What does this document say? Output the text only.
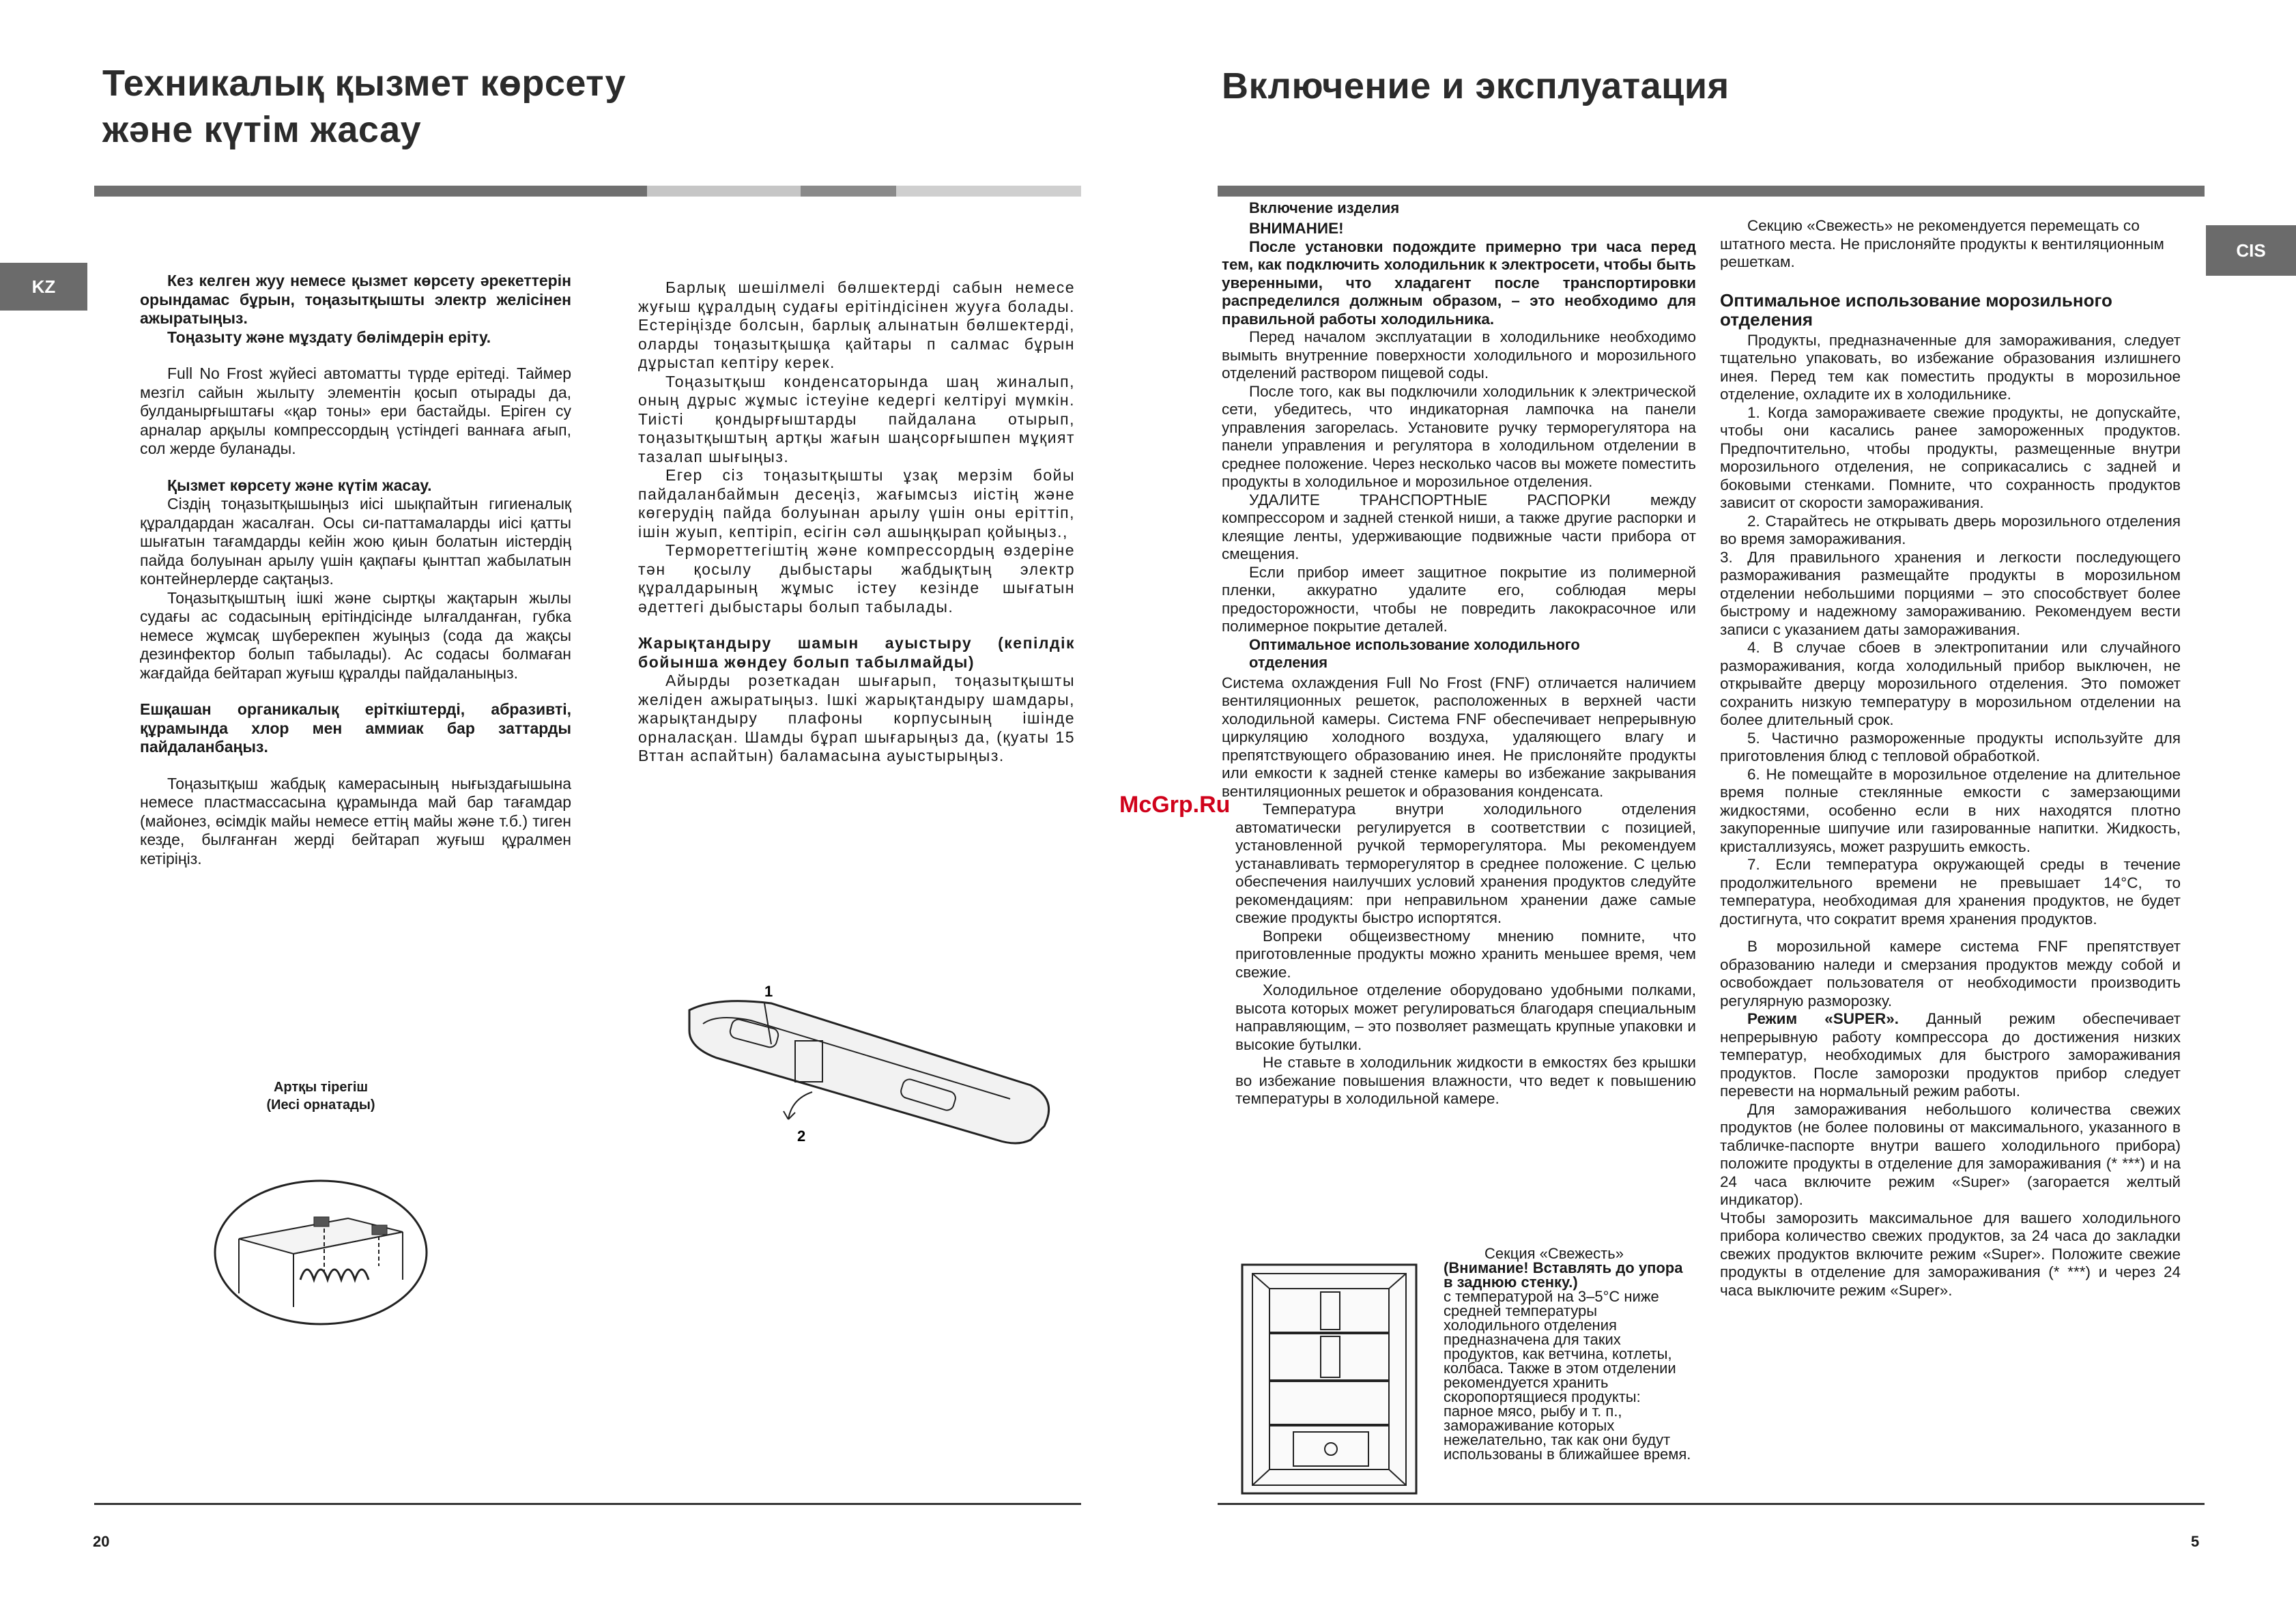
Техникалық қызмет көрсету
және күтім жасау
KZ	Кез келген жуу немесе қызмет көрсету әрекеттерін орындамас бұрын, тоңазытқышты электр желісінен ажыратыңыз.

Тоңазыту және мұздату бөлімдерін еріту.

Full No Frost жүйесі автоматты түрде ерітеді. Таймер мезгіл сайын жылыту элементін қосып отырады да, булданырғыштағы «қар тоны» ери бастайды. Еріген су арналар арқылы компрессордың үстіндегі ваннаға ағып, сол жерде буланады.

Қызмет көрсету және күтім жасау.

Сіздің тоңазытқышыңыз иісі шықпайтын гигиеналық құралдардан жасалған. Осы си-паттамаларды иісі қатты шығатын тағамдарды кейін жою қиын болатын иістердің пайда болуынан арылу үшін қақпағы қынттап жабылатын контейнерлерде сақтаңыз.

Тоңазытқыштың ішкі және сыртқы жақтарын жылы судағы ас содасының ерітіндісінде ылғалданған, губка немесе жұмсақ шүберекпен жуыңыз (сода да жақсы дезинфектор болып табылады). Ас содасы болмаған жағдайда бейтарап жуғыш құралды пайдаланыңыз.

Ешқашан органикалық еріткіштерді, абразивті, құрамында хлор мен аммиак бар заттарды пайдаланбаңыз.

Тоңазытқыш жабдық камерасының нығыздағышына немесе пластмассасына құрамында май бар тағамдар (майонез, өсімдік майы немесе еттің майы және т.б.) тиген кезде, былғанған жерді бейтарап жуғыш құралмен кетіріңіз.

Артқы тірегіш
(Иесі орнатады)

Барлық шешілмелі бөлшектерді сабын немесе жуғыш құралдың судағы ерітіндісінен жууға болады. Естеріңізде болсын, барлық алынатын бөлшектерді, оларды тоңазытқышқа қайтары п салмас бұрын дұрыстап кептіру керек.

Тоңазытқыш конденсаторында шаң жиналып, оның дұрыс жұмыс істеуіне кедергі келтіруі мүмкін. Тиісті қондырғыштарды пайдалана отырып, тоңазытқыштың артқы жағын шаңсорғышпен мұқият тазалап шығыңыз.

Егер сіз тоңазытқышты ұзақ мерзім бойы пайдаланбаймын десеңіз, жағымсыз иістің және көгерудің пайда болуынан арылу үшін оны еріттіп, ішін жуып, кептіріп, есігін сәл ашыңқырап қойыңыз.,

Термореттегіштің және компрессордың өздеріне тән қосылу дыбыстары жабдықтың электр құралдарының жұмыс істеу кезінде шығатын әдеттегі дыбыстары болып табылады.

Жарықтандыру шамын ауыстыру (кепілдік бойынша жөндеу болып табылмайды)

Айырды розеткадан шығарып, тоңазытқышты желіден ажыратыңыз. Ішкі жарықтандыру шамдары, жарықтандыру плафоны корпусының ішінде орналасқан. Шамды бұрап шығарыңыз да, (қуаты 15 Вттан аспайтын) баламасына ауыстырыңыз.

1
2
20
Включение и эксплуатация
CIS
McGrp.Ru

Включение изделия

ВНИМАНИЕ!

После установки подождите примерно три часа перед тем, как подключить холодильник к электросети, чтобы быть уверенными, что хладагент после транспортировки распределился должным образом, – это необходимо для правильной работы холодильника.

Перед началом эксплуатации в холодильнике необходимо вымыть внутренние поверхности холодильного и морозильного отделений раствором пищевой соды.

После того, как вы подключили холодильник к электрической сети, убедитесь, что индикаторная лампочка на панели управления загорелась. Установите ручку терморегулятора на панели управления и регулятора в холодильном отделении в среднее положение. Через несколько часов вы можете поместить продукты в холодильное и морозильное отделения.

УДАЛИТЕ ТРАНСПОРТНЫЕ РАСПОРКИ между компрессором и задней стенкой ниши, а также другие распорки и клеящие ленты, удерживающие подвижные части прибора от смещения.

Если прибор имеет защитное покрытие из полимерной пленки, аккуратно удалите его, соблюдая меры предосторожности, чтобы не повредить лакокрасочное или полимерное покрытие деталей.

Оптимальное использование холодильного отделения

Система охлаждения Full No Frost (FNF) отличается наличием вентиляционных решеток, расположенных в верхней части холодильной камеры. Система FNF обеспечивает непрерывную циркуляцию холодного воздуха, удаляющего влагу и препятствующего образованию инея. Не прислоняйте продукты или емкости к задней стенке камеры во избежание закрывания вентиляционных решеток и образования конденсата.

Температура внутри холодильного отделения автоматически регулируется в соответствии с позицией, установленной ручкой терморегулятора. Мы рекомендуем устанавливать терморегулятор в среднее положение. С целью обеспечения наилучших условий хранения продуктов следуйте рекомендациям: при неправильном хранении даже самые свежие продукты быстро испортятся.

Вопреки общеизвестному мнению помните, что приготовленные продукты можно хранить меньшее время, чем свежие.

Холодильное отделение оборудовано удобными полками, высота которых может регулироваться благодаря специальным направляющим, – это позволяет размещать крупные упаковки и высокие бутылки.

Не ставьте в холодильник жидкости в емкостях без крышки во избежание повышения влажности, что ведет к повышению температуры в холодильной камере.

Секция «Свежесть»

(Внимание! Вставлять до упора в заднюю стенку.)

с температурой на 3–5°C ниже средней температуры холодильного отделения предназначена для таких продуктов, как ветчина, котлеты, колбаса. Также в этом отделении рекомендуется хранить скоропортящиеся продукты: парное мясо, рыбу и т. п., замораживание которых нежелательно, так как они будут использованы в ближайшее время.

Секцию «Свежесть» не рекомендуется перемещать со штатного места. Не прислоняйте продукты к вентиляционным решеткам.

Оптимальное использование морозильного отделения

Продукты, предназначенные для замораживания, следует тщательно упаковать, во избежание образования излишнего инея. Перед тем как поместить продукты в морозильное отделение, охладите их в холодильнике.

1. Когда замораживаете свежие продукты, не допускайте, чтобы они касались ранее замороженных продуктов. Предпочтительно, чтобы продукты, размещенные внутри морозильного отделения, не соприкасались с задней и боковыми стенками. Помните, что сохранность продуктов зависит от скорости замораживания.

2. Старайтесь не открывать дверь морозильного отделения во время замораживания.

3. Для правильного хранения и легкости последующего размораживания размещайте продукты в морозильном отделении небольшими порциями – это способствует более быстрому и надежному замораживанию. Рекомендуем вести записи с указанием даты замораживания.

4. В случае сбоев в электропитании или случайного размораживания, когда холодильный прибор выключен, не открывайте дверцу морозильного отделения. Это поможет сохранить низкую температуру в морозильном отделении на более длительный срок.

5. Частично размороженные продукты используйте для приготовления блюд с тепловой обработкой.

6. Не помещайте в морозильное отделение на длительное время полные стеклянные емкости с замерзающими жидкостями, особенно если в них находятся плотно закупоренные шипучие или газированные напитки. Жидкость, кристаллизуясь, может разрушить емкость.

7. Если температура окружающей среды в течение продолжительного времени не превышает 14°C, то температура, необходимая для хранения продуктов, не будет достигнута, что сократит время хранения продуктов.

В морозильной камере система FNF препятствует образованию наледи и смерзания продуктов между собой и освобождает пользователя от необходимости производить регулярную разморозку.

Режим «SUPER». Данный режим обеспечивает непрерывную работу компрессора до достижения низких температур, необходимых для быстрого замораживания продуктов. После заморозки продуктов прибор следует перевести на нормальный режим работы.

Для замораживания небольшого количества свежих продуктов (не более половины от максимального, указанного в табличке-паспорте внутри вашего холодильного прибора) положите продукты в отделение для замораживания (* ***) и на 24 часа включите режим «Super» (загорается желтый индикатор).

Чтобы заморозить максимальное для вашего холодильного прибора количество свежих продуктов, за 24 часа до закладки свежих продуктов включите режим «Super». Положите свежие продукты в отделение для замораживания (* ***) и через 24 часа выключите режим «Super».

5
